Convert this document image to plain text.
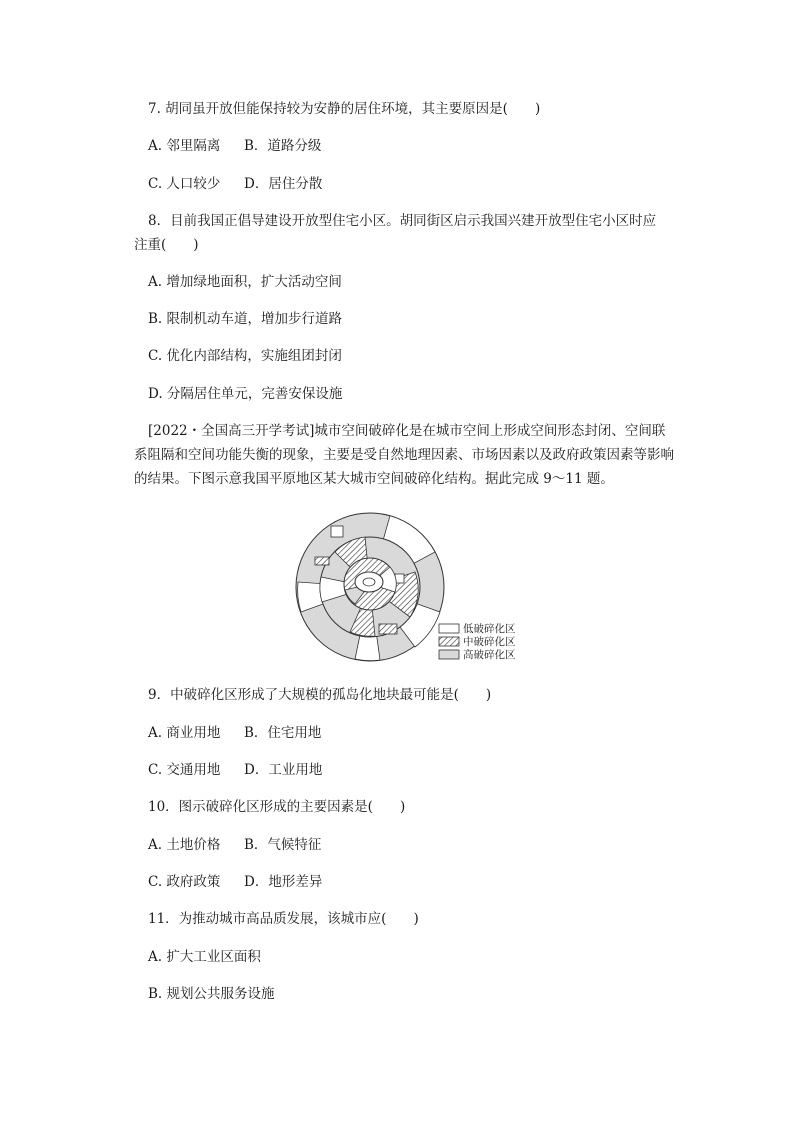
7. 胡同虽开放但能保持较为安静的居住环境，其主要原因是(　　)
A. 邻里隔离 B．道路分级
C. 人口较少 D．居住分散
8．目前我国正倡导建设开放型住宅小区。胡同街区启示我国兴建开放型住宅小区时应
注重(　　)
A. 增加绿地面积，扩大活动空间
B. 限制机动车道，增加步行道路
C. 优化内部结构，实施组团封闭
D. 分隔居住单元，完善安保设施
[2022・全国高三开学考试]城市空间破碎化是在城市空间上形成空间形态封闭、空间联
系阻隔和空间功能失衡的现象，主要是受自然地理因素、市场因素以及政府政策因素等影响
的结果。下图示意我国平原地区某大城市空间破碎化结构。据此完成 9～11 题。
低破碎化区
中破碎化区
高破碎化区
9．中破碎化区形成了大规模的孤岛化地块最可能是(　　)
A. 商业用地 B．住宅用地
C. 交通用地 D．工业用地
10．图示破碎化区形成的主要因素是(　　)
A. 土地价格 B．气候特征
C. 政府政策 D．地形差异
11．为推动城市高品质发展，该城市应(　　)
A. 扩大工业区面积
B. 规划公共服务设施
